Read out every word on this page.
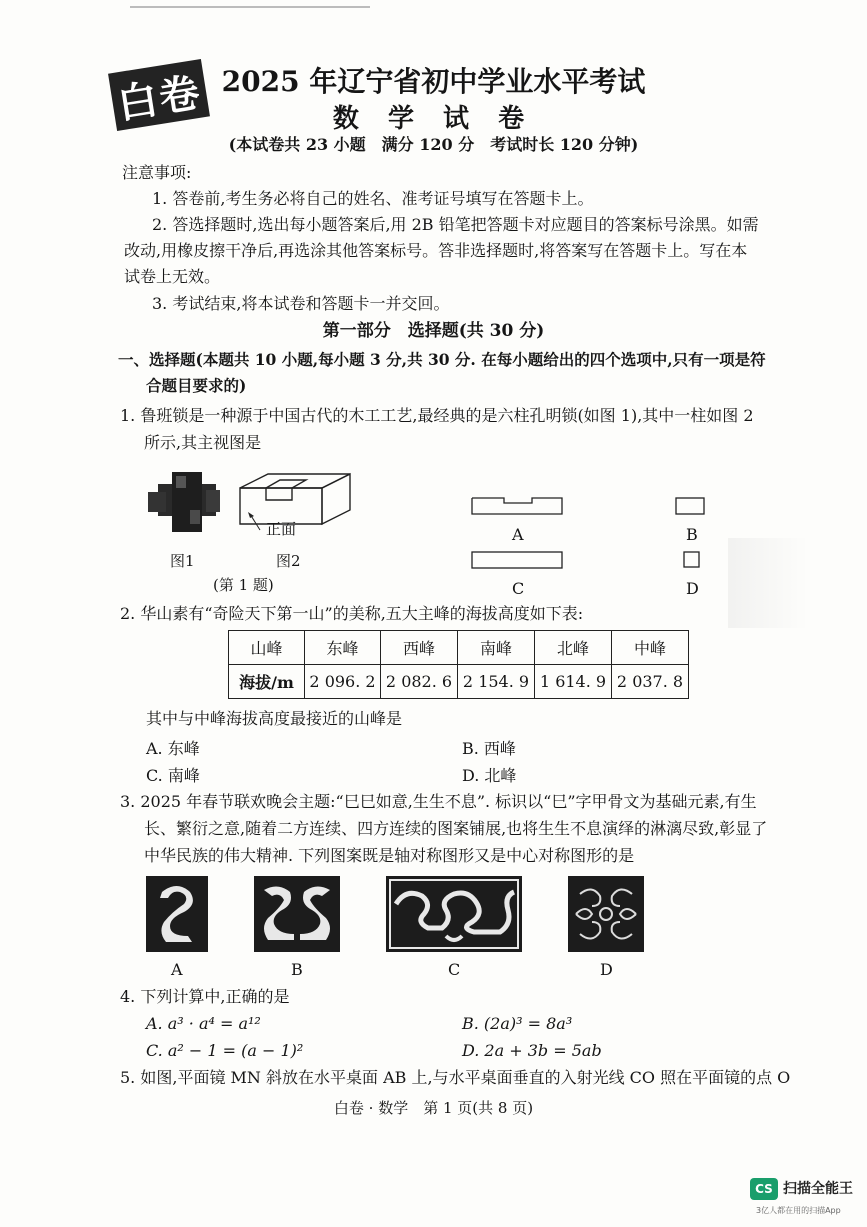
白卷 2025 年辽宁省初中学业水平考试
数 学 试 卷
(本试卷共 23 小题　满分 120 分　考试时长 120 分钟)
注意事项:
1. 答卷前,考生务必将自己的姓名、准考证号填写在答题卡上。
2. 答选择题时,选出每小题答案后,用 2B 铅笔把答题卡对应题目的答案标号涂黑。如需
改动,用橡皮擦干净后,再选涂其他答案标号。答非选择题时,将答案写在答题卡上。写在本
试卷上无效。
3. 考试结束,将本试卷和答题卡一并交回。
第一部分　选择题(共 30 分)
一、选择题(本题共 10 小题,每小题 3 分,共 30 分. 在每小题给出的四个选项中,只有一项是符
合题目要求的)
1. 鲁班锁是一种源于中国古代的木工工艺,最经典的是六柱孔明锁(如图 1),其中一柱如图 2
所示,其主视图是
正面
图1	图2
(第 1 题)
A	B
C	D
2. 华山素有“奇险天下第一山”的美称,五大主峰的海拔高度如下表:
山峰	东峰	西峰	南峰	北峰	中峰
海拔/m	2 096. 2	2 082. 6	2 154. 9	1 614. 9	2 037. 8
其中与中峰海拔高度最接近的山峰是
A. 东峰	B. 西峰
C. 南峰	D. 北峰
3. 2025 年春节联欢晚会主题:“巳巳如意,生生不息”. 标识以“巳”字甲骨文为基础元素,有生
长、繁衍之意,随着二方连续、四方连续的图案铺展,也将生生不息演绎的淋漓尽致,彰显了
中华民族的伟大精神. 下列图案既是轴对称图形又是中心对称图形的是
A	B	C	D
4. 下列计算中,正确的是
A. a³ · a⁴ = a¹²	B. (2a)³ = 8a³
C. a² − 1 = (a − 1)²	D. 2a + 3b = 5ab
5. 如图,平面镜 MN 斜放在水平桌面 AB 上,与水平桌面垂直的入射光线 CO 照在平面镜的点 O
白卷 · 数学　第 1 页(共 8 页)
CS 扫描全能王
3亿人都在用的扫描App
